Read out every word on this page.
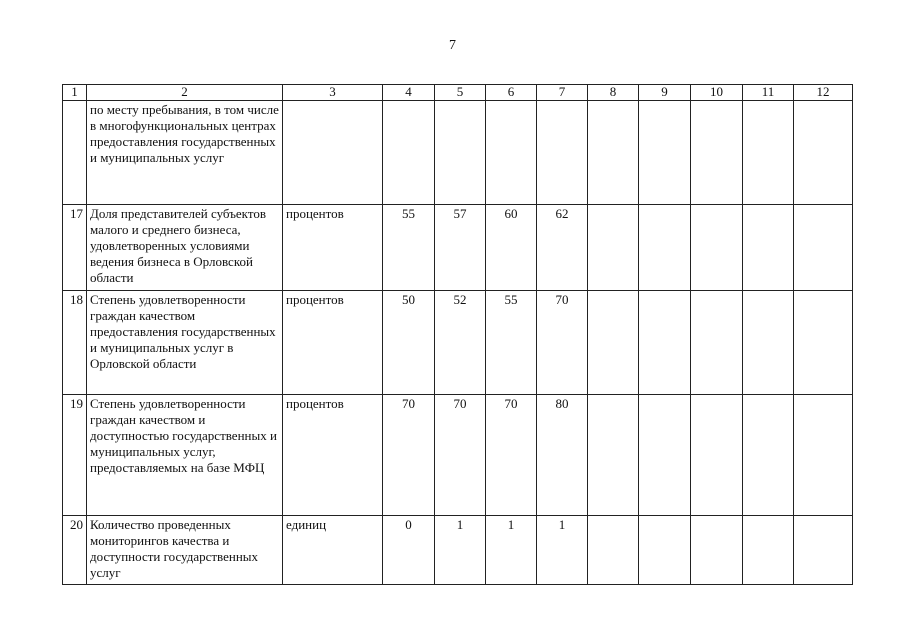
7
1	2	3	4	5	6	7	8	9	10	11	12
	по месту пребывания, в том числе в многофункциональных центрах предоставления государственных и муниципальных услуг										
17	Доля представителей субъектов малого и среднего бизнеса, удовлетворенных условиями ведения бизнеса в Орловской области	процентов	55	57	60	62					
18	Степень удовлетворенности граждан качеством предоставления государственных и муниципальных услуг в Орловской области	процентов	50	52	55	70					
19	Степень удовлетворенности граждан качеством и доступностью государственных и муниципальных услуг, предоставляемых на базе МФЦ	процентов	70	70	70	80					
20	Количество проведенных мониторингов качества и доступности государственных услуг	единиц	0	1	1	1					
